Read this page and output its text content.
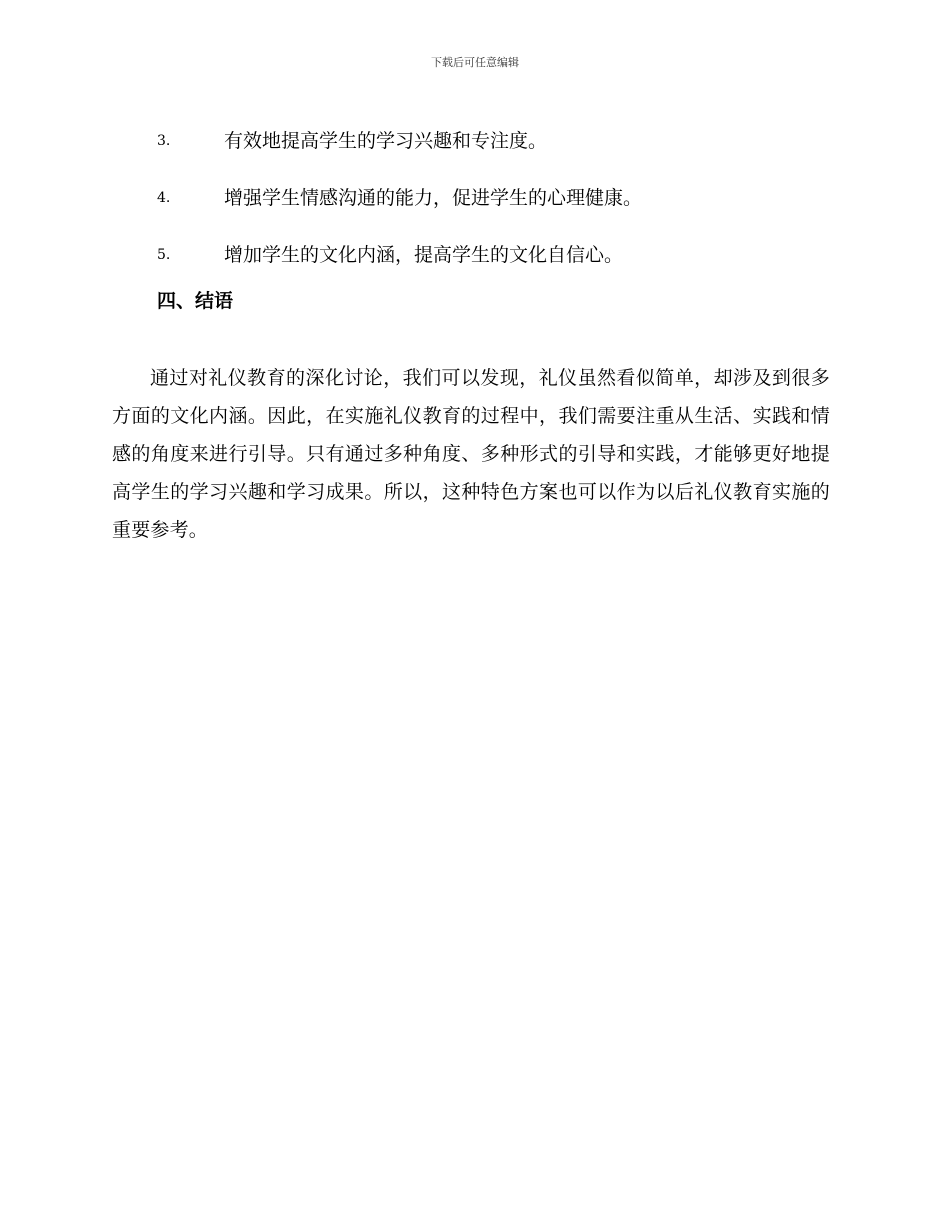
下载后可任意编辑
3.	有效地提高学生的学习兴趣和专注度。
4.	增强学生情感沟通的能力，促进学生的心理健康。
5.	增加学生的文化内涵，提高学生的文化自信心。
四、结语

通过对礼仪教育的深化讨论，我们可以发现，礼仪虽然看似简单，却涉及到很多方面的文化内涵。因此，在实施礼仪教育的过程中，我们需要注重从生活、实践和情感的角度来进行引导。只有通过多种角度、多种形式的引导和实践，才能够更好地提高学生的学习兴趣和学习成果。所以，这种特色方案也可以作为以后礼仪教育实施的重要参考。
